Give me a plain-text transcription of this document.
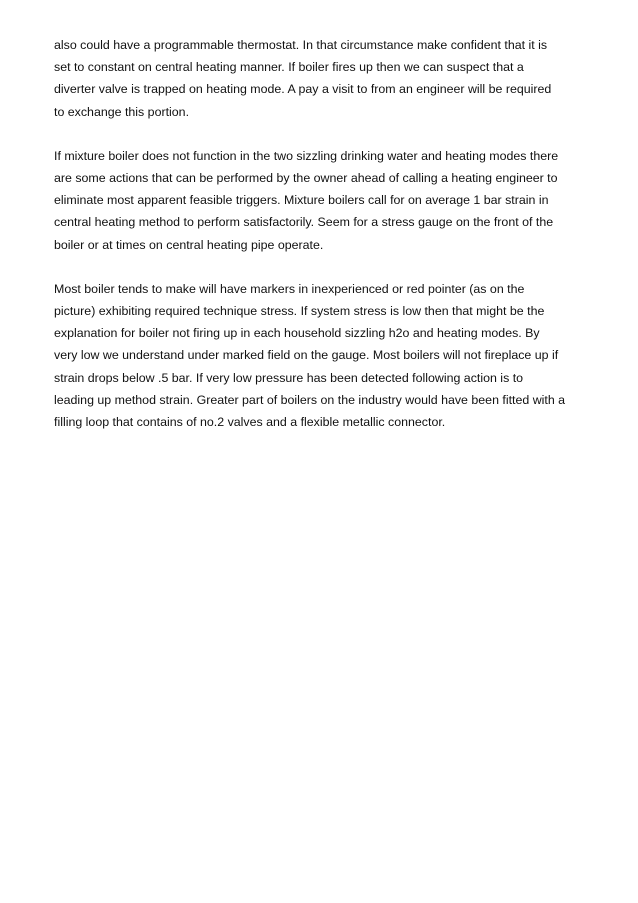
also could have a programmable thermostat. In that circumstance make confident that it is
set to constant on central heating manner. If boiler fires up then we can suspect that a
diverter valve is trapped on heating mode. A pay a visit to from an engineer will be required
to exchange this portion.

If mixture boiler does not function in the two sizzling drinking water and heating modes there
are some actions that can be performed by the owner ahead of calling a heating engineer to
eliminate most apparent feasible triggers. Mixture boilers call for on average 1 bar strain in
central heating method to perform satisfactorily. Seem for a stress gauge on the front of the
boiler or at times on central heating pipe operate.

Most boiler tends to make will have markers in inexperienced or red pointer (as on the
picture) exhibiting required technique stress. If system stress is low then that might be the
explanation for boiler not firing up in each household sizzling h2o and heating modes. By
very low we understand under marked field on the gauge. Most boilers will not fireplace up if
strain drops below .5 bar. If very low pressure has been detected following action is to
leading up method strain. Greater part of boilers on the industry would have been fitted with a
filling loop that contains of no.2 valves and a flexible metallic connector.
